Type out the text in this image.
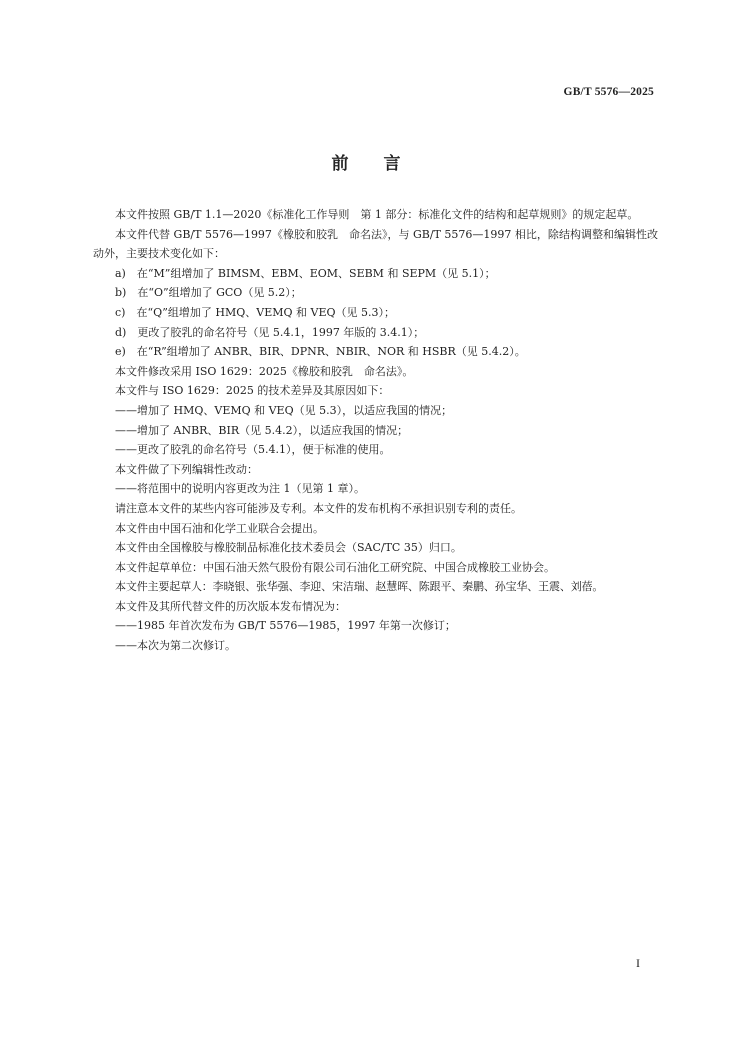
GB/T 5576—2025
前 言

本文件按照 GB/T 1.1—2020《标准化工作导则　第 1 部分：标准化文件的结构和起草规则》的规定起草。

本文件代替 GB/T 5576—1997《橡胶和胶乳　命名法》，与 GB/T 5576—1997 相比，除结构调整和编辑性改动外，主要技术变化如下：

a)　在“M”组增加了 BIMSM、EBM、EOM、SEBM 和 SEPM（见 5.1）；

b)　在“O”组增加了 GCO（见 5.2）；

c)　在“Q”组增加了 HMQ、VEMQ 和 VEQ（见 5.3）；

d)　更改了胶乳的命名符号（见 5.4.1，1997 年版的 3.4.1）；

e)　在“R”组增加了 ANBR、BIR、DPNR、NBIR、NOR 和 HSBR（见 5.4.2）。

本文件修改采用 ISO 1629：2025《橡胶和胶乳　命名法》。

本文件与 ISO 1629：2025 的技术差异及其原因如下：

——增加了 HMQ、VEMQ 和 VEQ（见 5.3），以适应我国的情况；

——增加了 ANBR、BIR（见 5.4.2），以适应我国的情况；

——更改了胶乳的命名符号（5.4.1），便于标准的使用。

本文件做了下列编辑性改动：

——将范围中的说明内容更改为注 1（见第 1 章）。

请注意本文件的某些内容可能涉及专利。本文件的发布机构不承担识别专利的责任。

本文件由中国石油和化学工业联合会提出。

本文件由全国橡胶与橡胶制品标准化技术委员会（SAC/TC 35）归口。

本文件起草单位：中国石油天然气股份有限公司石油化工研究院、中国合成橡胶工业协会。

本文件主要起草人：李晓银、张华强、李迎、宋洁瑞、赵慧晖、陈跟平、秦鹏、孙宝华、王震、刘蓓。

本文件及其所代替文件的历次版本发布情况为：

——1985 年首次发布为 GB/T 5576—1985，1997 年第一次修订；

——本次为第二次修订。

I
